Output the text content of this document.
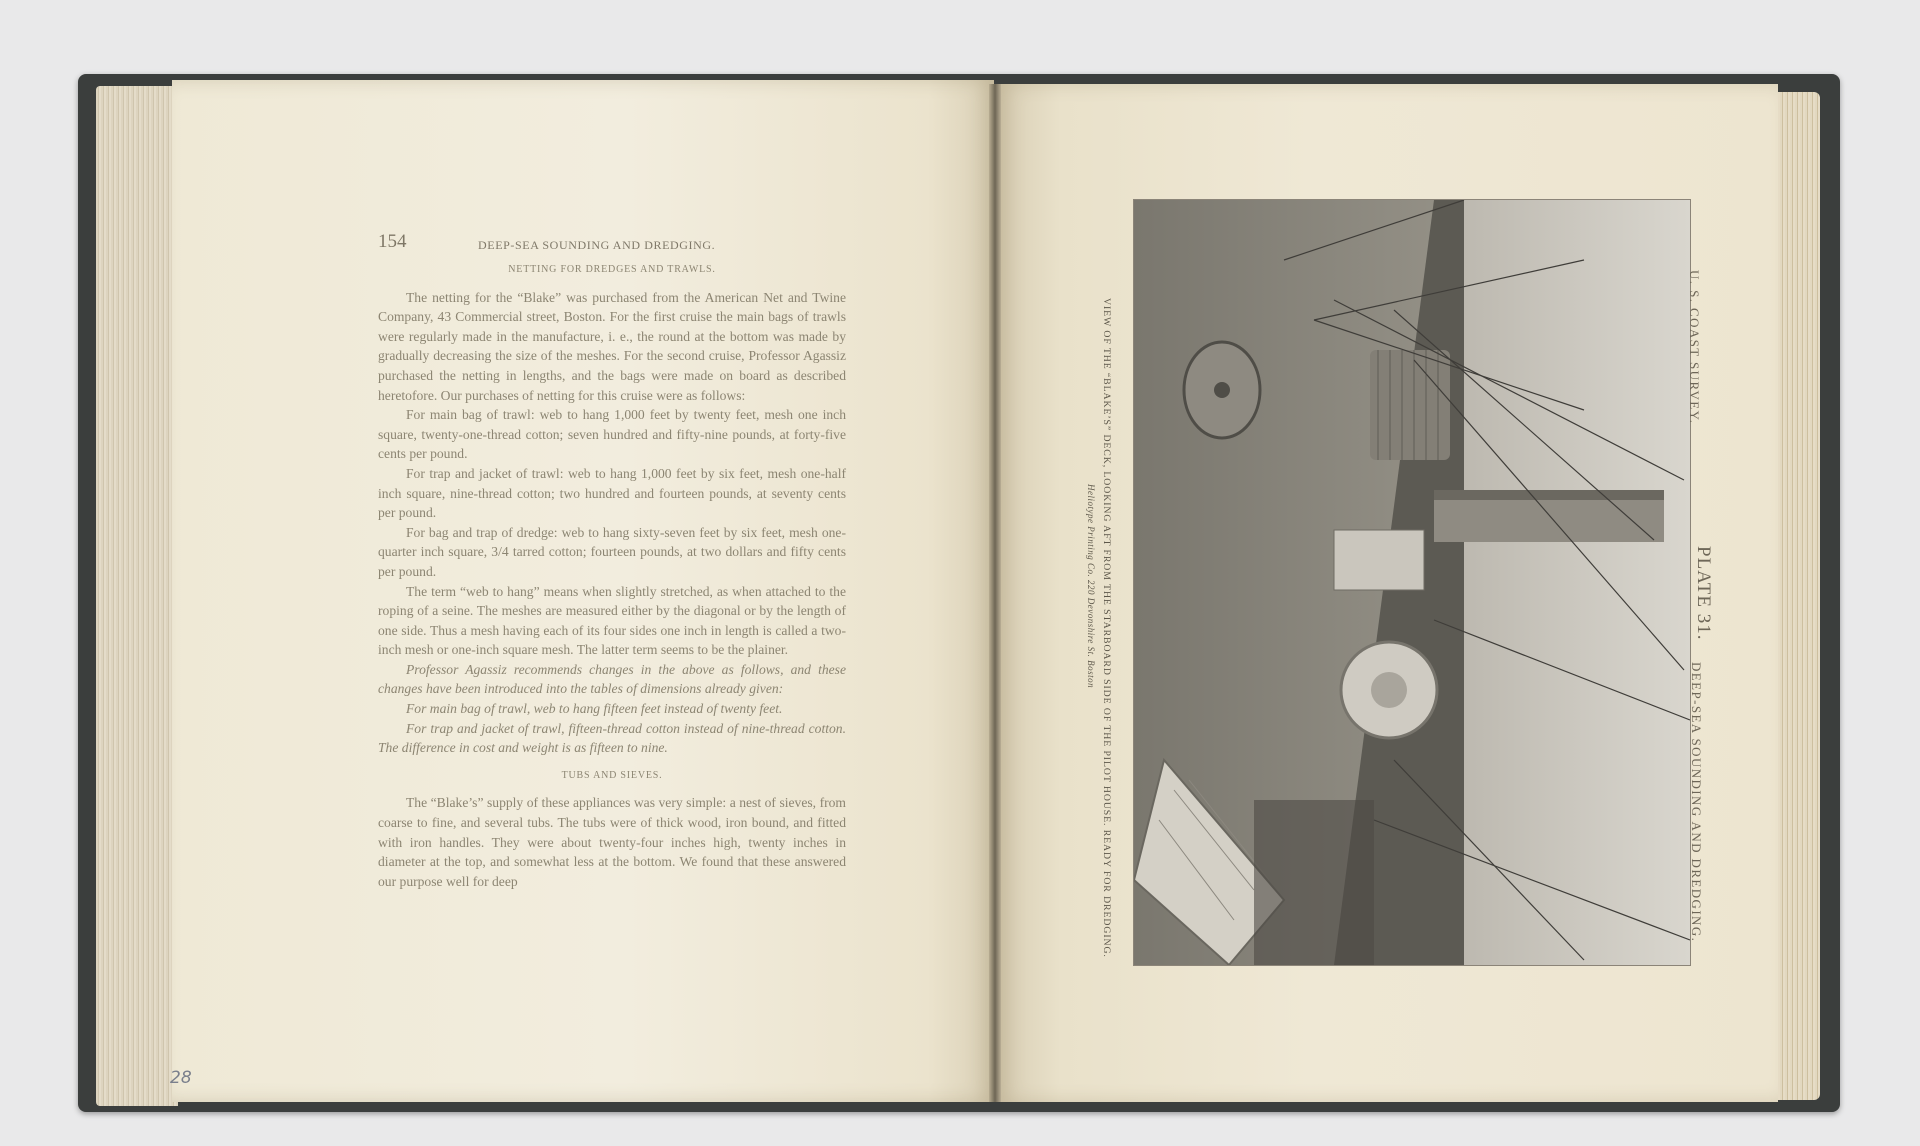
154	DEEP-SEA SOUNDING AND DREDGING.
NETTING FOR DREDGES AND TRAWLS.

The netting for the “Blake” was purchased from the American Net and Twine Company, 43 Commercial street, Boston. For the first cruise the main bags of trawls were regularly made in the manufacture, i. e., the round at the bottom was made by gradually decreasing the size of the meshes. For the second cruise, Professor Agassiz purchased the netting in lengths, and the bags were made on board as described heretofore. Our purchases of netting for this cruise were as follows:

For main bag of trawl: web to hang 1,000 feet by twenty feet, mesh one inch square, twenty-one-thread cotton; seven hundred and fifty-nine pounds, at forty-five cents per pound.

For trap and jacket of trawl: web to hang 1,000 feet by six feet, mesh one-half inch square, nine-thread cotton; two hundred and fourteen pounds, at seventy cents per pound.

For bag and trap of dredge: web to hang sixty-seven feet by six feet, mesh one-quarter inch square, 3/4 tarred cotton; fourteen pounds, at two dollars and fifty cents per pound.

The term “web to hang” means when slightly stretched, as when attached to the roping of a seine. The meshes are measured either by the diagonal or by the length of one side. Thus a mesh having each of its four sides one inch in length is called a two-inch mesh or one-inch square mesh. The latter term seems to be the plainer.

Professor Agassiz recommends changes in the above as follows, and these changes have been introduced into the tables of dimensions already given:

For main bag of trawl, web to hang fifteen feet instead of twenty feet.

For trap and jacket of trawl, fifteen-thread cotton instead of nine-thread cotton. The difference in cost and weight is as fifteen to nine.

TUBS AND SIEVES.

The “Blake’s” supply of these appliances was very simple: a nest of sieves, from coarse to fine, and several tubs. The tubs were of thick wood, iron bound, and fitted with iron handles. They were about twenty-four inches high, twenty inches in diameter at the top, and somewhat less at the bottom. We found that these answered our purpose well for deep

28
U. S. COAST SURVEY.
PLATE 31.
DEEP-SEA SOUNDING AND DREDGING.
VIEW OF THE “BLAKE’S” DECK, LOOKING AFT FROM THE STARBOARD SIDE OF THE PILOT HOUSE. READY FOR DREDGING.
Heliotype Printing Co. 220 Devonshire St. Boston
